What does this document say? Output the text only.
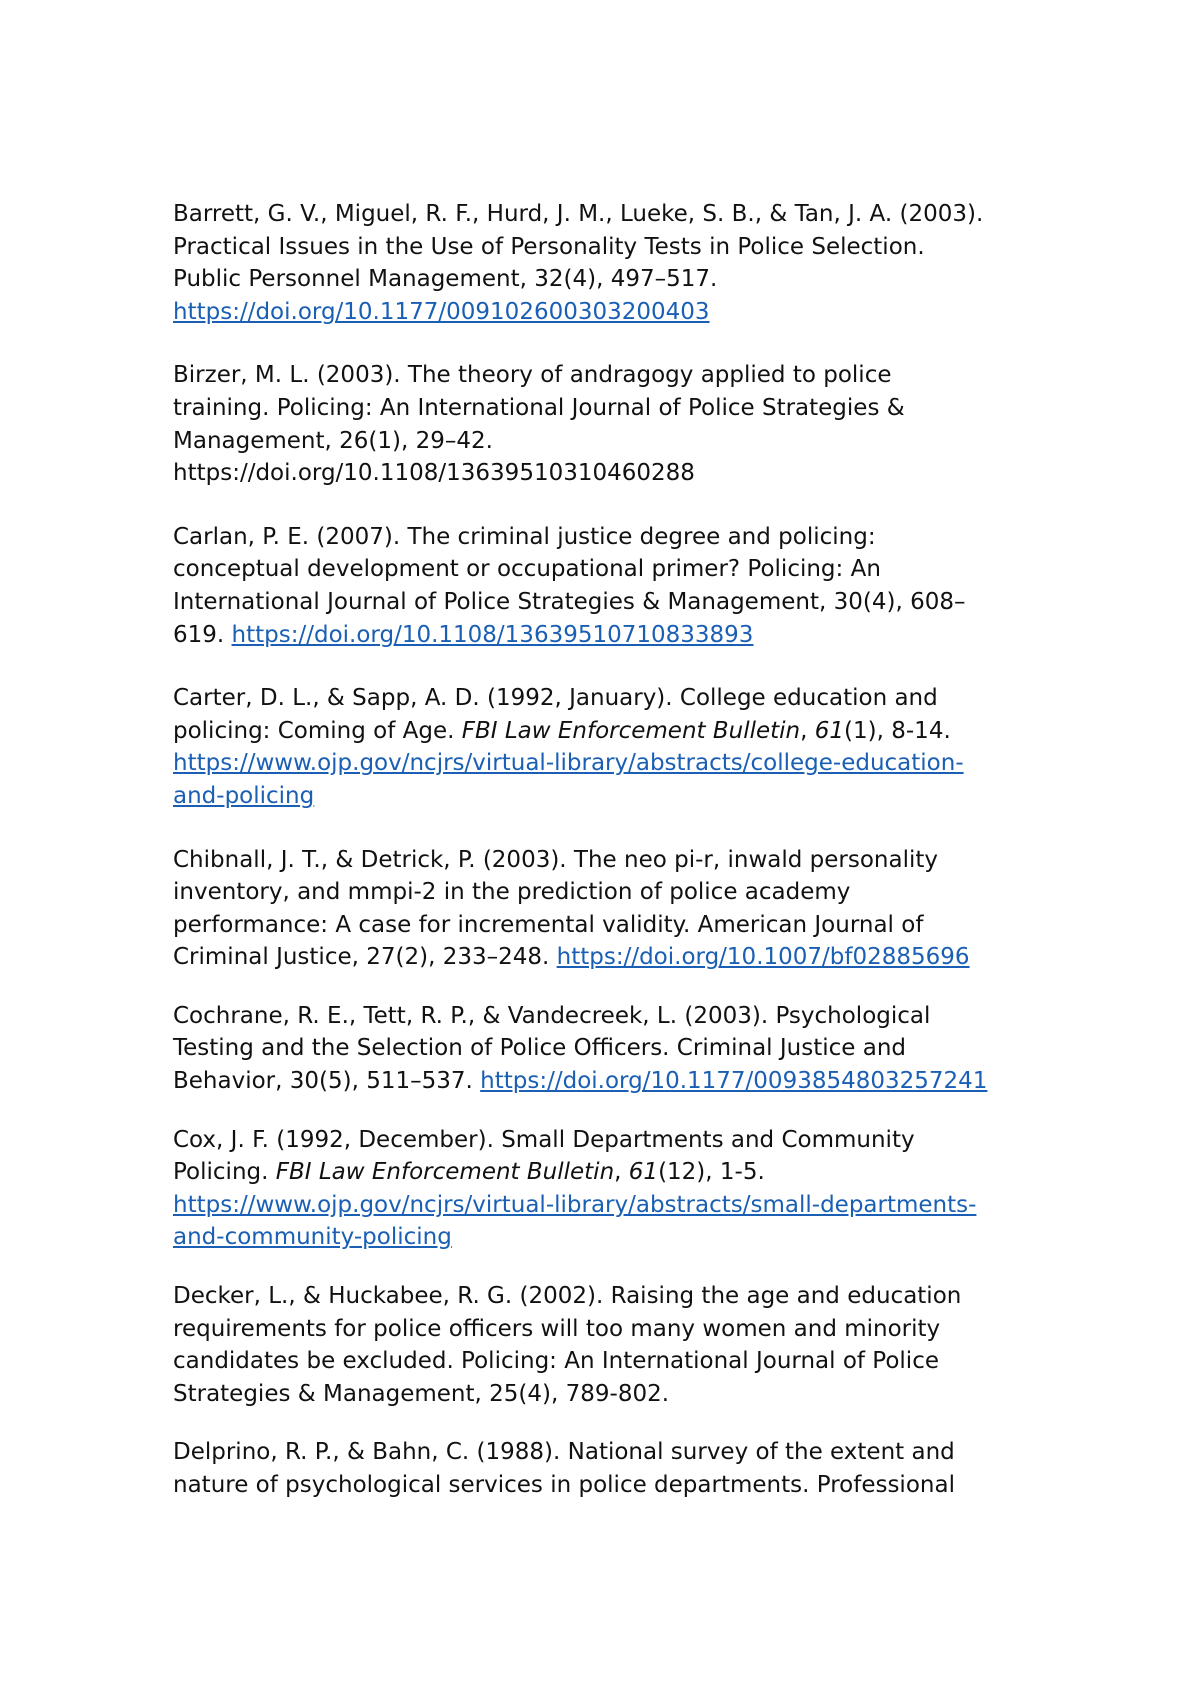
Barrett, G. V., Miguel, R. F., Hurd, J. M., Lueke, S. B., & Tan, J. A. (2003).
Practical Issues in the Use of Personality Tests in Police Selection.
Public Personnel Management, 32(4), 497–517.
https://doi.org/10.1177/009102600303200403
Birzer, M. L. (2003). The theory of andragogy applied to police
training. Policing: An International Journal of Police Strategies &
Management, 26(1), 29–42.
https://doi.org/10.1108/13639510310460288
Carlan, P. E. (2007). The criminal justice degree and policing:
conceptual development or occupational primer? Policing: An
International Journal of Police Strategies & Management, 30(4), 608–
619. https://doi.org/10.1108/13639510710833893
Carter, D. L., & Sapp, A. D. (1992, January). College education and
policing: Coming of Age. FBI Law Enforcement Bulletin, 61(1), 8-14.
https://www.ojp.gov/ncjrs/virtual-library/abstracts/college-education-
and-policing
Chibnall, J. T., & Detrick, P. (2003). The neo pi-r, inwald personality
inventory, and mmpi-2 in the prediction of police academy
performance: A case for incremental validity. American Journal of
Criminal Justice, 27(2), 233–248. https://doi.org/10.1007/bf02885696
Cochrane, R. E., Tett, R. P., & Vandecreek, L. (2003). Psychological
Testing and the Selection of Police Officers. Criminal Justice and
Behavior, 30(5), 511–537. https://doi.org/10.1177/0093854803257241
Cox, J. F. (1992, December). Small Departments and Community
Policing. FBI Law Enforcement Bulletin, 61(12), 1-5.
https://www.ojp.gov/ncjrs/virtual-library/abstracts/small-departments-
and-community-policing
Decker, L., & Huckabee, R. G. (2002). Raising the age and education
requirements for police officers will too many women and minority
candidates be excluded. Policing: An International Journal of Police
Strategies & Management, 25(4), 789-802.
Delprino, R. P., & Bahn, C. (1988). National survey of the extent and
nature of psychological services in police departments. Professional
